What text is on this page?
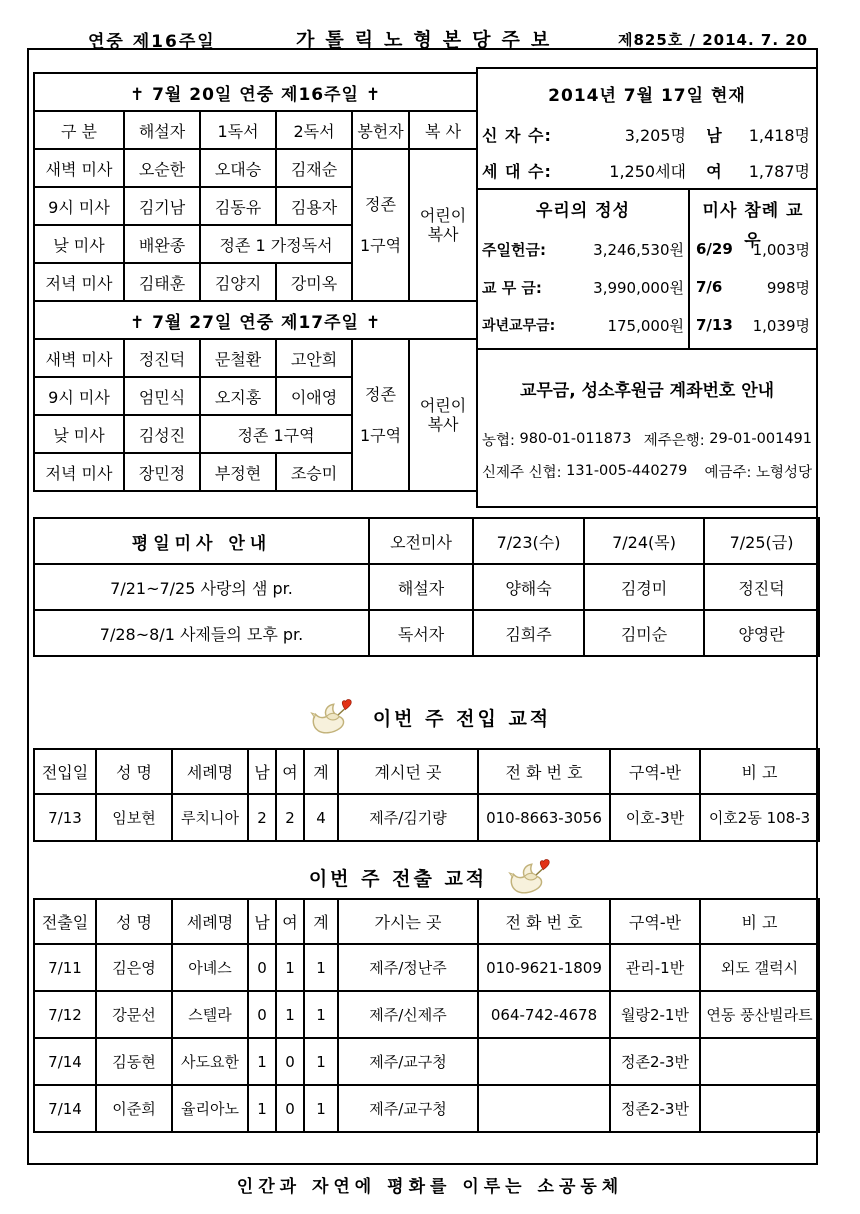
연중 제16주일	가톨릭노형본당주보	제825호 / 2014. 7. 20
✝ 7월 20일 연중 제16주일 ✝					
구 분	해설자	1독서	2독서	봉헌자	복 사
새벽 미사	오순한	오대승	김재순	정존
1구역	어린이
복사

9시 미사	김기남	김동유	김용자		
낮 미사	배완종	정존 1 가정독서			
저녁 미사	김태훈	김양지	강미옥		
✝ 7월 27일 연중 제17주일 ✝					
새벽 미사	정진덕	문철환	고안희	정존
1구역	어린이
복사

9시 미사	엄민식	오지홍	이애영		
낮 미사	김성진	정존 1구역			
저녁 미사	장민정	부정현	조승미		
2014년 7월 17일 현재
신 자 수:	3,205명	남	1,418명
세 대 수:	1,250세대	여	1,787명
우리의 정성
주일헌금:	3,246,530원
교 무 금:	3,990,000원
과년교무금:	175,000원
미사 참례 교우
6/29 1,003명
7/6	998명
7/13 1,039명
교무금, 성소후원금 계좌번호 안내
농협:
980-01-011873 제주은행:
29-01-001491
신제주 신협:
131-005-440279 예금주:
노형성당
평일미사 안내	오전미사	7/23(수)	7/24(목)	7/25(금)
7/21~7/25 사랑의 샘 pr.	해설자	양해숙	김경미	정진덕
7/28~8/1 사제들의 모후 pr.	독서자	김희주	김미순	양영란
이번 주 전입 교적
전입일	성 명	세례명	남	여	계	계시던 곳	전 화 번 호	구역-반	비 고
7/13	임보현	루치니아	2	2	4	제주/김기량	010-8663-3056	이호-3반	이호2동 108-3
이번 주 전출 교적
전출일	성 명	세례명	남	여	계	가시는 곳	전 화 번 호	구역-반	비 고
7/11	김은영	아녜스	0	1	1	제주/정난주	010-9621-1809	관리-1반	외도 갤럭시
7/12	강문선	스텔라	0	1	1	제주/신제주	064-742-4678	월랑2-1반	연동 풍산빌라트
7/14	김동현	사도요한	1	0	1	제주/교구청		정존2-3반	
7/14	이준희	율리아노	1	0	1	제주/교구청		정존2-3반	
인간과 자연에 평화를 이루는 소공동체
